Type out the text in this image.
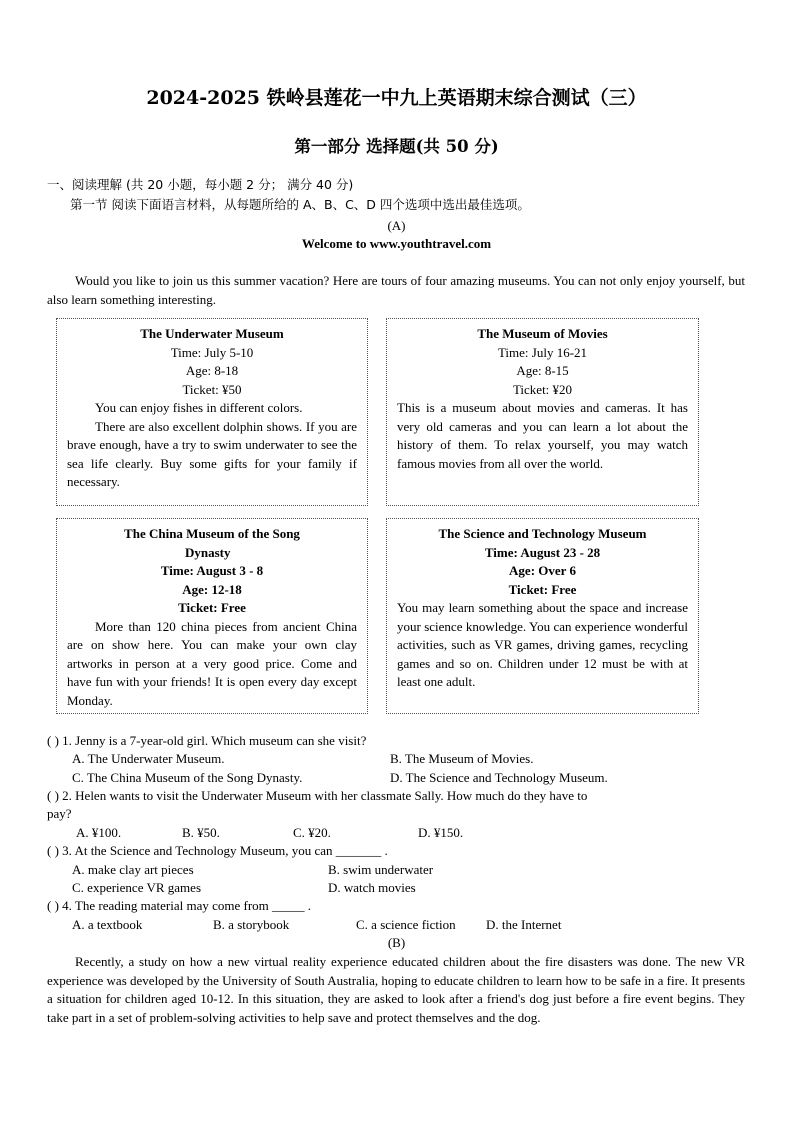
2024-2025 铁岭县莲花一中九上英语期末综合测试（三）
第一部分 选择题(共 50 分)
一、阅读理解 (共 20 小题，每小题 2 分； 满分 40 分)
第一节 阅读下面语言材料，从每题所给的 A、B、C、D 四个选项中选出最佳选项。
(A)
Welcome to www.youthtravel.com
Would you like to join us this summer vacation? Here are tours of four amazing museums. You can not only enjoy yourself, but also learn something interesting.
The Underwater Museum
Time: July 5-10
Age: 8-18
Ticket: ¥50
You can enjoy fishes in different colors.
There are also excellent dolphin shows. If you are brave enough, have a try to swim underwater to see the sea life clearly. Buy some gifts for your family if necessary.
The Museum of Movies
Time: July 16-21
Age: 8-15
Ticket: ¥20
This is a museum about movies and cameras. It has very old cameras and you can learn a lot about the history of them. To relax yourself, you may watch famous movies from all over the world.
The China Museum of the Song
Dynasty
Time: August 3 - 8
Age: 12-18
Ticket: Free
More than 120 china pieces from ancient China are on show here. You can make your own clay artworks in person at a very good price. Come and have fun with your friends! It is open every day except Monday.
The Science and Technology Museum
Time: August 23 - 28
Age: Over 6
Ticket: Free
You may learn something about the space and increase your science knowledge. You can experience wonderful activities, such as VR games, driving games, recycling games and so on. Children under 12 must be with at least one adult.
( ) 1. Jenny is a 7-year-old girl. Which museum can she visit?
A. The Underwater Museum.	B. The Museum of Movies.
C. The China Museum of the Song Dynasty.	D. The Science and Technology Museum.
( ) 2. Helen wants to visit the Underwater Museum with her classmate Sally. How much do they have to
pay?
A. ¥100.	B. ¥50.	C. ¥20.	D. ¥150.
( ) 3. At the Science and Technology Museum, you can _______ .
A. make clay art pieces	B. swim underwater
C. experience VR games	D. watch movies
( ) 4. The reading material may come from _____ .
A. a textbook	B. a storybook	C. a science fiction D. the Internet
(B)
Recently, a study on how a new virtual reality experience educated children about the fire disasters was done. The new VR experience was developed by the University of South Australia, hoping to educate children to learn how to be safe in a fire. It presents a situation for children aged 10-12. In this situation, they are asked to look after a friend's dog just before a fire event begins. They take part in a set of problem-solving activities to help save and protect themselves and the dog.
